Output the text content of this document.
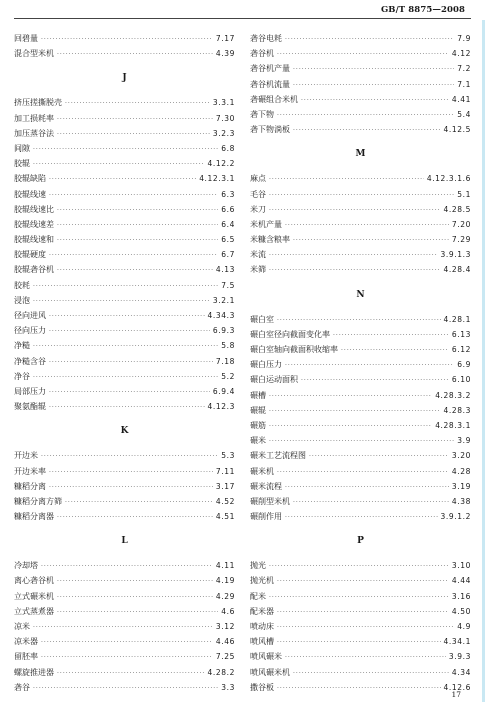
GB/T 8875—2008
回碧量 ·····	7.17
混合型米机 ·····	4.39
J
挤压搓撕脱壳 ·····	3.3.1
加工损耗率 ·····	7.30
加压蒸谷法 ·····	3.2.3
间隙 ·····	6.8
胶辊 ·····	4.12.2
胶辊缺陷 ·····	4.12.3.1
胶辊线速 ·····	6.3
胶辊线速比 ·····	6.6
胶辊线速差 ·····	6.4
胶辊线速和 ·····	6.5
胶辊硬度 ·····	6.7
胶辊砻谷机 ·····	4.13
胶耗 ·····	7.5
浸泡 ·····	3.2.1
径向进风 ·····	4.34.3
径向压力 ·····	6.9.3
净糙 ·····	5.8
净糙含谷 ·····	7.18
净谷 ·····	5.2
局部压力 ·····	6.9.4
聚氨酯辊 ·····	4.12.3
K
开边米 ·····	5.3
开边米率 ·····	7.11
糠稻分离 ·····	3.17
糠稻分离方筛 ·····	4.52
糠稻分离器 ·····	4.51
L
冷却塔 ·····	4.11
离心砻谷机 ·····	4.19
立式碾米机 ·····	4.29
立式蒸煮器 ·····	4.6
凉米 ·····	3.12
凉米器 ·····	4.46
留胚率 ·····	7.25
螺旋推进器 ·····	4.28.2
砻谷 ·····	3.3
砻谷电耗 ·····	7.9
砻谷机 ·····	4.12
砻谷机产量 ·····	7.2
砻谷机流量 ·····	7.1
砻碾组合米机 ·····	4.41
砻下物 ·····	5.4
砻下物淌板 ·····	4.12.5
M
麻点 ·····	4.12.3.1.6
毛谷 ·····	5.1
米刀 ·····	4.28.5
米机产量 ·····	7.20
米糠含粮率 ·····	7.29
米流 ·····	3.9.1.3
米筛 ·····	4.28.4
N
碾白室 ·····	4.28.1
碾白室径向截面变化率 ·····	6.13
碾白室轴向截面积收缩率 ·····	6.12
碾白压力 ·····	6.9
碾白运动面积 ·····	6.10
碾槽 ·····	4.28.3.2
碾辊 ·····	4.28.3
碾筋 ·····	4.28.3.1
碾米 ·····	3.9
碾米工艺流程图 ·····	3.20
碾米机 ·····	4.28
碾米流程 ·····	3.19
碾削型米机 ·····	4.38
碾削作用 ·····	3.9.1.2
P
抛光 ·····	3.10
抛光机 ·····	4.44
配米 ·····	3.16
配米器 ·····	4.50
喷动床 ·····	4.9
喷风槽 ·····	4.34.1
喷风碾米 ·····	3.9.3
喷风碾米机 ·····	4.34
撒谷板 ·····	4.12.6
17
